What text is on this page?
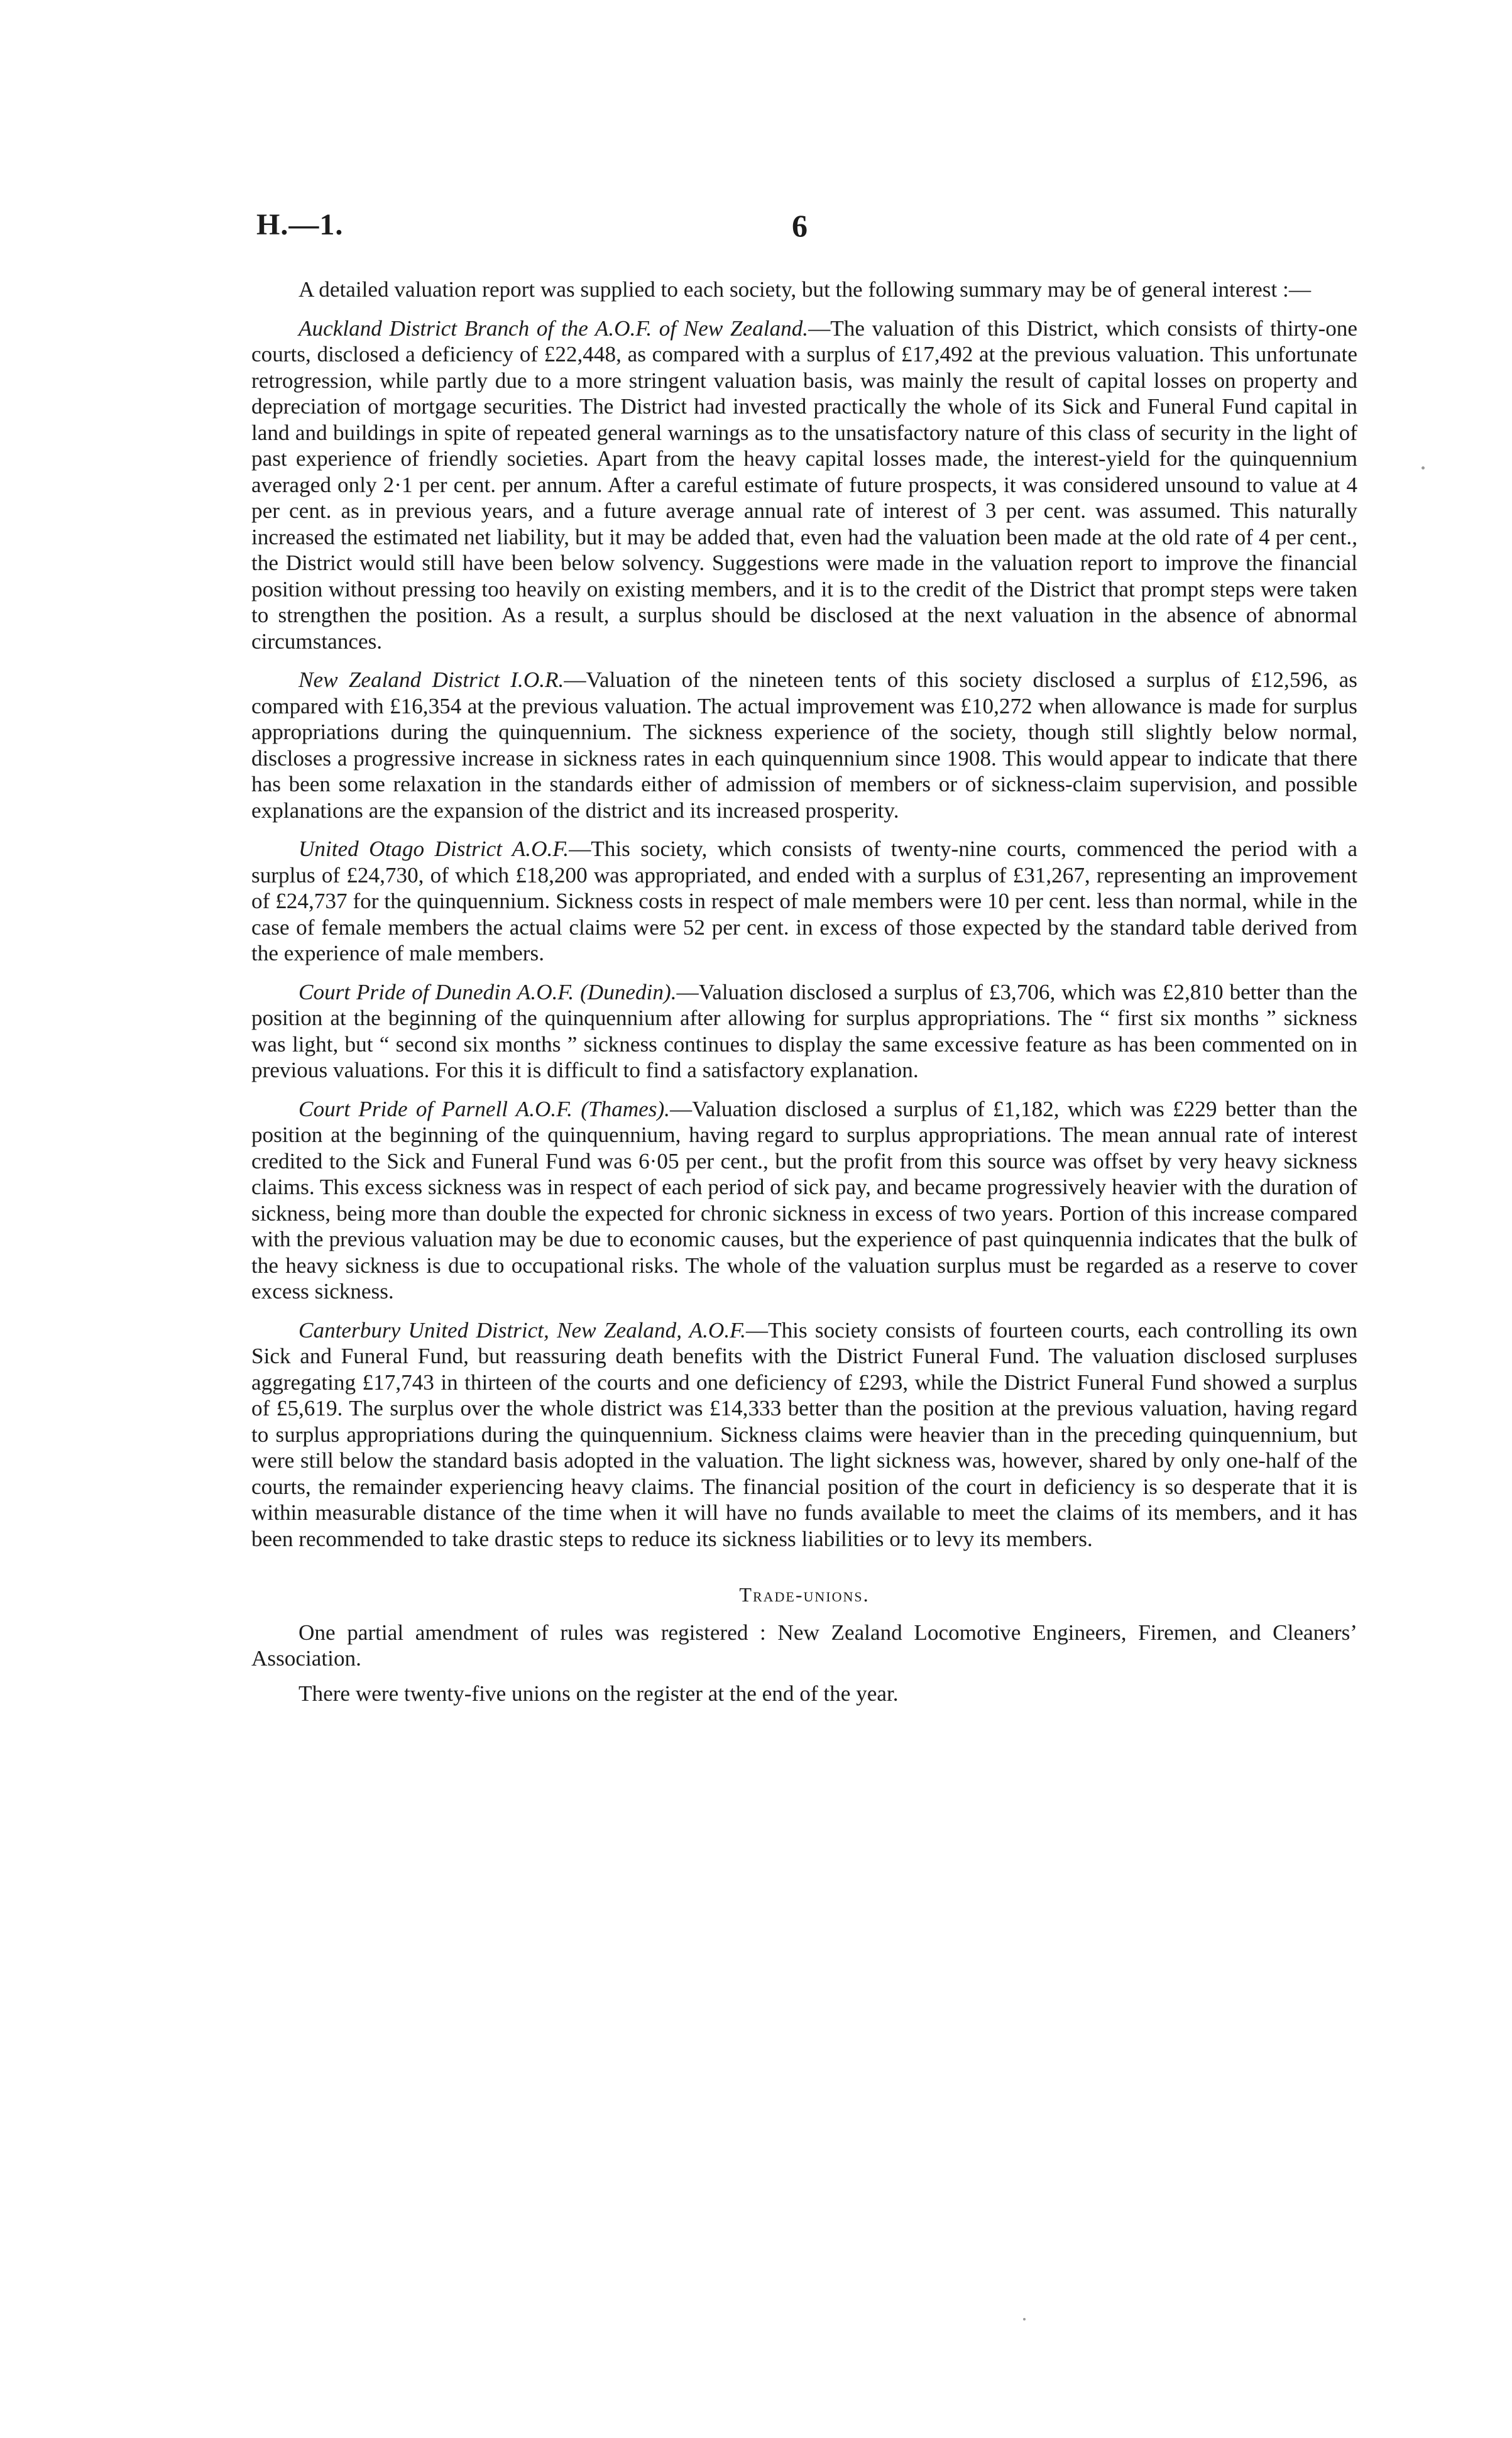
H.—1.	6

A detailed valuation report was supplied to each society, but the following summary may be of general interest :—

Auckland District Branch of the A.O.F. of New Zealand.—The valuation of this District, which consists of thirty-one courts, disclosed a deficiency of £22,448, as compared with a surplus of £17,492 at the previous valuation. This unfortunate retrogression, while partly due to a more stringent valuation basis, was mainly the result of capital losses on property and depreciation of mortgage securities. The District had invested practically the whole of its Sick and Funeral Fund capital in land and buildings in spite of repeated general warnings as to the unsatisfactory nature of this class of security in the light of past experience of friendly societies. Apart from the heavy capital losses made, the interest-yield for the quinquennium averaged only 2·1 per cent. per annum. After a careful estimate of future prospects, it was considered unsound to value at 4 per cent. as in previous years, and a future average annual rate of interest of 3 per cent. was assumed. This naturally increased the estimated net liability, but it may be added that, even had the valuation been made at the old rate of 4 per cent., the District would still have been below solvency. Suggestions were made in the valuation report to improve the financial position without pressing too heavily on existing members, and it is to the credit of the District that prompt steps were taken to strengthen the position. As a result, a surplus should be disclosed at the next valuation in the absence of abnormal circumstances.

New Zealand District I.O.R.—Valuation of the nineteen tents of this society disclosed a surplus of £12,596, as compared with £16,354 at the previous valuation. The actual improvement was £10,272 when allowance is made for surplus appropriations during the quinquennium. The sickness experience of the society, though still slightly below normal, discloses a progressive increase in sickness rates in each quinquennium since 1908. This would appear to indicate that there has been some relaxation in the standards either of admission of members or of sickness-claim supervision, and possible explanations are the expansion of the district and its increased prosperity.

United Otago District A.O.F.—This society, which consists of twenty-nine courts, commenced the period with a surplus of £24,730, of which £18,200 was appropriated, and ended with a surplus of £31,267, representing an improvement of £24,737 for the quinquennium. Sickness costs in respect of male members were 10 per cent. less than normal, while in the case of female members the actual claims were 52 per cent. in excess of those expected by the standard table derived from the experience of male members.

Court Pride of Dunedin A.O.F. (Dunedin).—Valuation disclosed a surplus of £3,706, which was £2,810 better than the position at the beginning of the quinquennium after allowing for surplus appropriations. The “ first six months ” sickness was light, but “ second six months ” sickness continues to display the same excessive feature as has been commented on in previous valuations. For this it is difficult to find a satisfactory explanation.

Court Pride of Parnell A.O.F. (Thames).—Valuation disclosed a surplus of £1,182, which was £229 better than the position at the beginning of the quinquennium, having regard to surplus appropriations. The mean annual rate of interest credited to the Sick and Funeral Fund was 6·05 per cent., but the profit from this source was offset by very heavy sickness claims. This excess sickness was in respect of each period of sick pay, and became progressively heavier with the duration of sickness, being more than double the expected for chronic sickness in excess of two years. Portion of this increase compared with the previous valuation may be due to economic causes, but the experience of past quinquennia indicates that the bulk of the heavy sickness is due to occupational risks. The whole of the valuation surplus must be regarded as a reserve to cover excess sickness.

Canterbury United District, New Zealand, A.O.F.—This society consists of fourteen courts, each controlling its own Sick and Funeral Fund, but reassuring death benefits with the District Funeral Fund. The valuation disclosed surpluses aggregating £17,743 in thirteen of the courts and one deficiency of £293, while the District Funeral Fund showed a surplus of £5,619. The surplus over the whole district was £14,333 better than the position at the previous valuation, having regard to surplus appropriations during the quinquennium. Sickness claims were heavier than in the preceding quinquennium, but were still below the standard basis adopted in the valuation. The light sickness was, however, shared by only one-half of the courts, the remainder experiencing heavy claims. The financial position of the court in deficiency is so desperate that it is within measurable distance of the time when it will have no funds available to meet the claims of its members, and it has been recommended to take drastic steps to reduce its sickness liabilities or to levy its members.

Trade-unions.

One partial amendment of rules was registered : New Zealand Locomotive Engineers, Firemen, and Cleaners’ Association.

There were twenty-five unions on the register at the end of the year.
